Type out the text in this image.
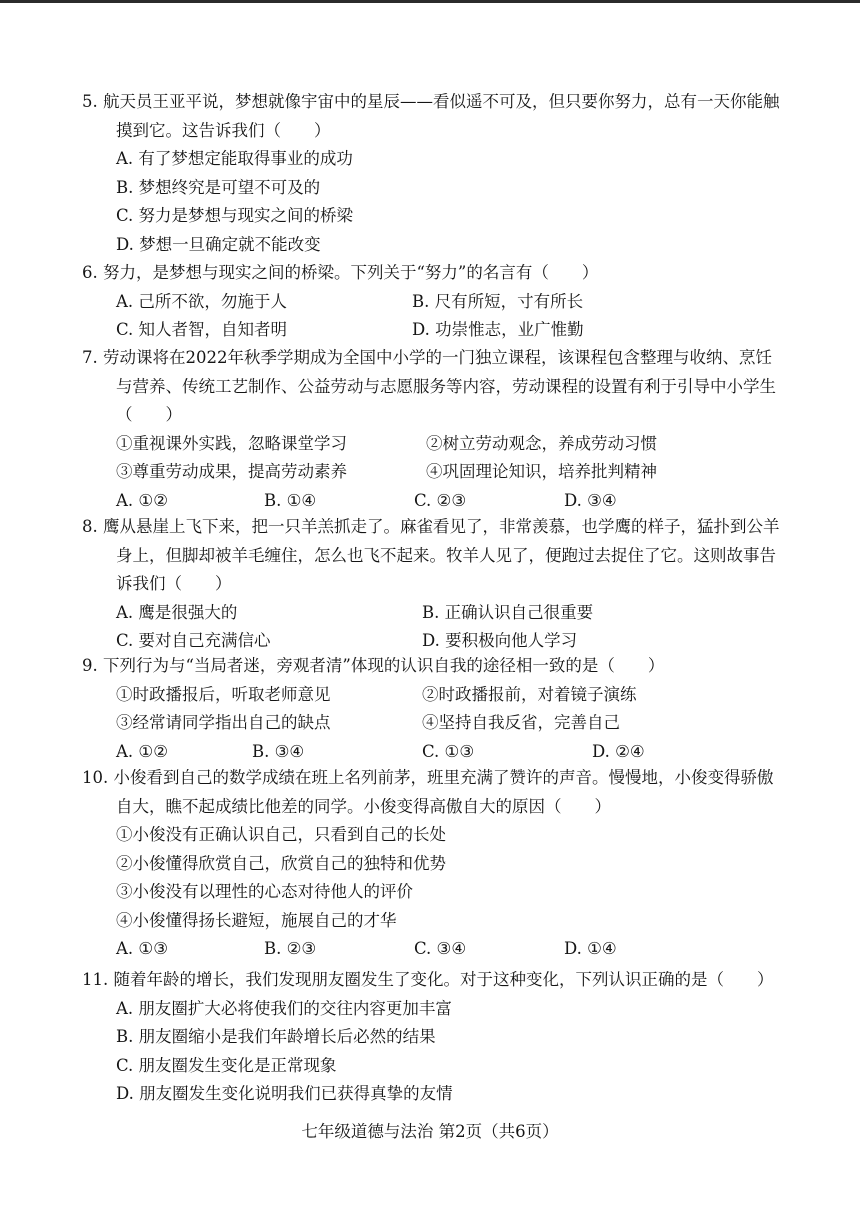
5. 航天员王亚平说，梦想就像宇宙中的星辰——看似遥不可及，但只要你努力，总有一天你能触摸到它。这告诉我们（　　）
A. 有了梦想定能取得事业的成功
B. 梦想终究是可望不可及的
C. 努力是梦想与现实之间的桥梁
D. 梦想一旦确定就不能改变
6. 努力，是梦想与现实之间的桥梁。下列关于“努力”的名言有（　　）
A. 己所不欲，勿施于人	B. 尺有所短，寸有所长
C. 知人者智，自知者明	D. 功崇惟志，业广惟勤
7. 劳动课将在2022年秋季学期成为全国中小学的一门独立课程，该课程包含整理与收纳、烹饪与营养、传统工艺制作、公益劳动与志愿服务等内容，劳动课程的设置有利于引导中小学生（　　）
①重视课外实践，忽略课堂学习	②树立劳动观念，养成劳动习惯
③尊重劳动成果，提高劳动素养	④巩固理论知识，培养批判精神
A. ①②	B. ①④	C. ②③	D. ③④
8. 鹰从悬崖上飞下来，把一只羊羔抓走了。麻雀看见了，非常羡慕，也学鹰的样子，猛扑到公羊身上，但脚却被羊毛缠住，怎么也飞不起来。牧羊人见了，便跑过去捉住了它。这则故事告诉我们（　　）
A. 鹰是很强大的	B. 正确认识自己很重要
C. 要对自己充满信心	D. 要积极向他人学习
9. 下列行为与“当局者迷，旁观者清”体现的认识自我的途径相一致的是（　　）
①时政播报后，听取老师意见	②时政播报前，对着镜子演练
③经常请同学指出自己的缺点	④坚持自我反省，完善自己
A. ①②	B. ③④	C. ①③	D. ②④
10. 小俊看到自己的数学成绩在班上名列前茅，班里充满了赞许的声音。慢慢地，小俊变得骄傲自大，瞧不起成绩比他差的同学。小俊变得高傲自大的原因（　　）
①小俊没有正确认识自己，只看到自己的长处
②小俊懂得欣赏自己，欣赏自己的独特和优势
③小俊没有以理性的心态对待他人的评价
④小俊懂得扬长避短，施展自己的才华
A. ①③	B. ②③	C. ③④	D. ①④
11. 随着年龄的增长，我们发现朋友圈发生了变化。对于这种变化，下列认识正确的是（　　）
A. 朋友圈扩大必将使我们的交往内容更加丰富
B. 朋友圈缩小是我们年龄增长后必然的结果
C. 朋友圈发生变化是正常现象
D. 朋友圈发生变化说明我们已获得真挚的友情
七年级道德与法治 第2页（共6页）
